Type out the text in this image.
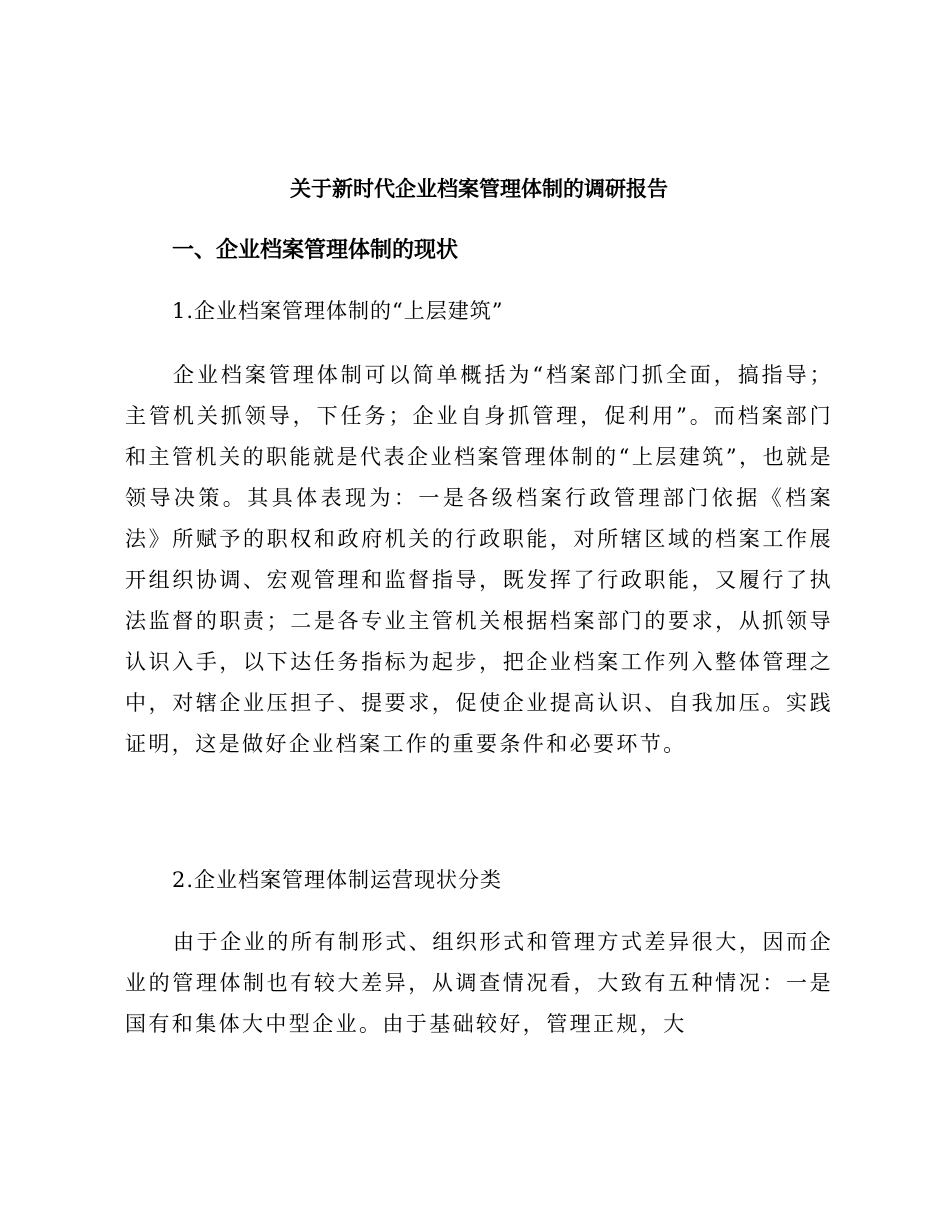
关于新时代企业档案管理体制的调研报告
一、企业档案管理体制的现状
1.企业档案管理体制的“上层建筑”

企业档案管理体制可以简单概括为“档案部门抓全面，搞指导；主管机关抓领导，下任务；企业自身抓管理，促利用”。而档案部门和主管机关的职能就是代表企业档案管理体制的“上层建筑”，也就是领导决策。其具体表现为：一是各级档案行政管理部门依据《档案法》所赋予的职权和政府机关的行政职能，对所辖区域的档案工作展开组织协调、宏观管理和监督指导，既发挥了行政职能，又履行了执法监督的职责；二是各专业主管机关根据档案部门的要求，从抓领导认识入手，以下达任务指标为起步，把企业档案工作列入整体管理之中，对辖企业压担子、提要求，促使企业提高认识、自我加压。实践证明，这是做好企业档案工作的重要条件和必要环节。

2.企业档案管理体制运营现状分类

由于企业的所有制形式、组织形式和管理方式差异很大，因而企业的管理体制也有较大差异，从调查情况看，大致有五种情况：一是国有和集体大中型企业。由于基础较好，管理正规，大
